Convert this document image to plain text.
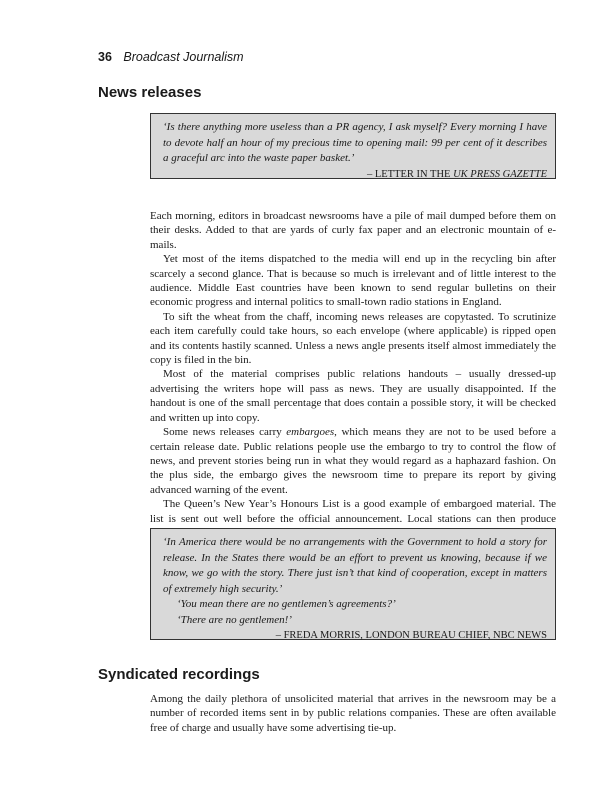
36 Broadcast Journalism
News releases

‘Is there anything more useless than a PR agency, I ask myself? Every morning I have to devote half an hour of my precious time to opening mail: 99 per cent of it describes a graceful arc into the waste paper basket.’

– LETTER IN THE UK PRESS GAZETTE

Each morning, editors in broadcast newsrooms have a pile of mail dumped before them on their desks. Added to that are yards of curly fax paper and an electronic mountain of e-mails.

Yet most of the items dispatched to the media will end up in the recycling bin after scarcely a second glance. That is because so much is irrelevant and of little interest to the audience. Middle East countries have been known to send regular bulletins on their economic progress and internal politics to small-town radio stations in England.

To sift the wheat from the chaff, incoming news releases are copytasted. To scrutinize each item carefully could take hours, so each envelope (where applicable) is ripped open and its contents hastily scanned. Unless a news angle presents itself almost immediately the copy is filed in the bin.

Most of the material comprises public relations handouts – usually dressed-up advertising the writers hope will pass as news. They are usually disappointed. If the handout is one of the small percentage that does contain a possible story, it will be checked and written up into copy.

Some news releases carry embargoes, which means they are not to be used before a certain release date. Public relations people use the embargo to try to control the flow of news, and prevent stories being run in what they would regard as a haphazard fashion. On the plus side, the embargo gives the newsroom time to prepare its report by giving advanced warning of the event.

The Queen’s New Year’s Honours List is a good example of embargoed material. The list is sent out well before the official announcement. Local stations can then produce

‘In America there would be no arrangements with the Government to hold a story for release. In the States there would be an effort to prevent us knowing, because if we know, we go with the story. There just isn’t that kind of cooperation, except in matters of extremely high security.’

‘You mean there are no gentlemen’s agreements?’

‘There are no gentlemen!’

– FREDA MORRIS, LONDON BUREAU CHIEF, NBC NEWS

Syndicated recordings

Among the daily plethora of unsolicited material that arrives in the newsroom may be a number of recorded items sent in by public relations companies. These are often available free of charge and usually have some advertising tie-up.
